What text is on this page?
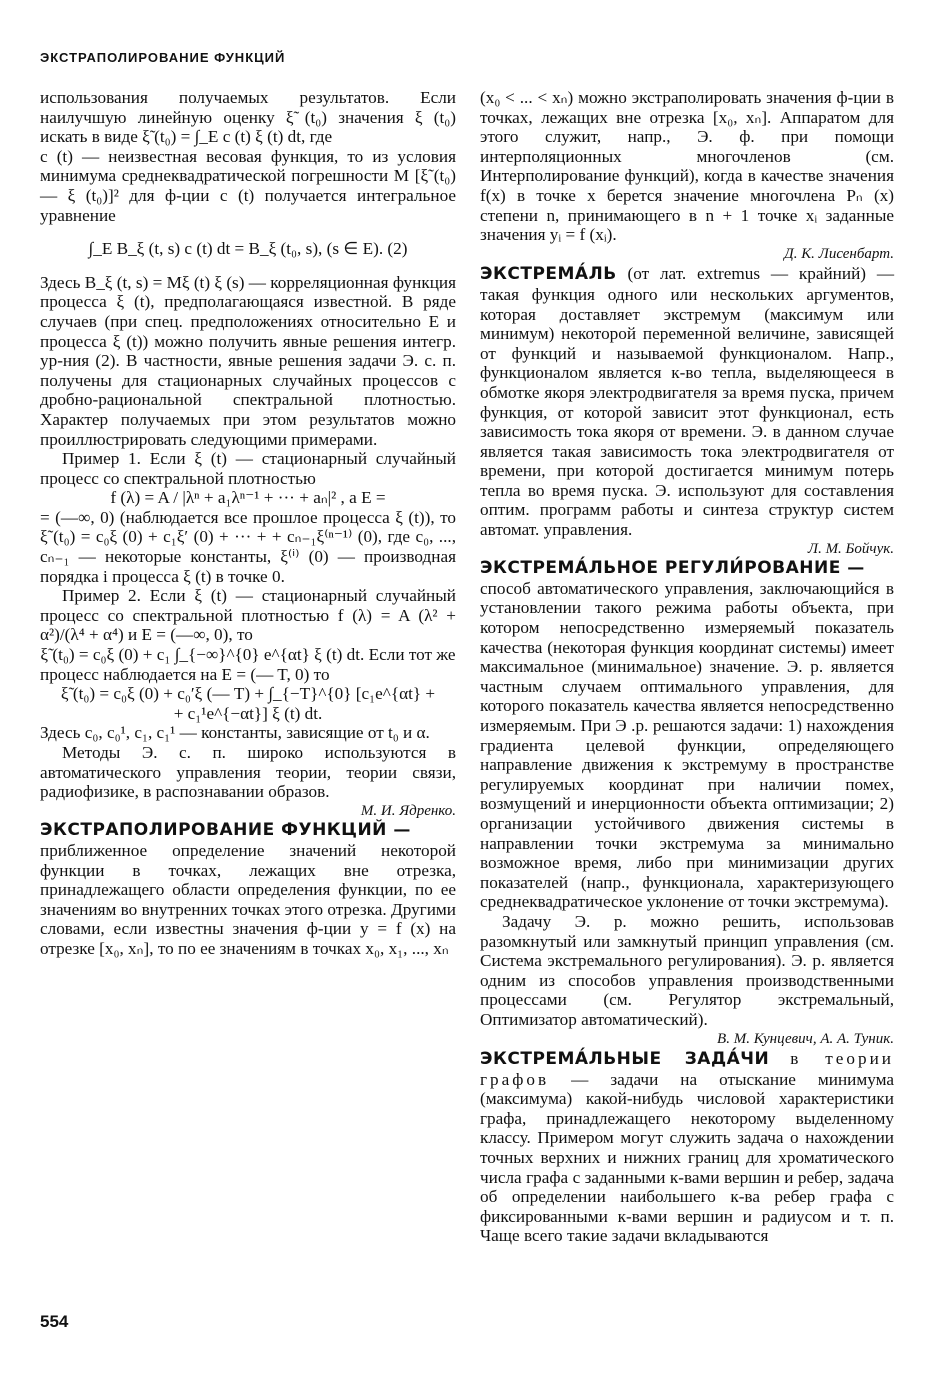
ЭКСТРАПОЛИРОВАНИЕ ФУНКЦИЙ

использования получаемых результатов. Если наилучшую линейную оценку ξ̃ (t₀) значения ξ (t₀) искать в виде ξ̃ (t₀) = ∫_E c (t) ξ (t) dt, где

c (t) — неизвестная весовая функция, то из условия минимума среднеквадратической погрешности M [ξ̃ (t₀) — ξ (t₀)]² для ф-ции c (t) получается интегральное уравнение

∫_E B_ξ (t, s) c (t) dt = B_ξ (t₀, s), (s ∈ E). (2)

Здесь B_ξ (t, s) = Mξ (t) ξ (s) — корреляционная функция процесса ξ (t), предполагающаяся известной. В ряде случаев (при спец. предположениях относительно E и процесса ξ (t)) можно получить явные решения интегр. ур-ния (2). В частности, явные решения задачи Э. с. п. получены для стационарных случайных процессов с дробно-рациональной спектральной плотностью. Характер получаемых при этом результатов можно проиллюстрировать следующими примерами.

Пример 1. Если ξ (t) — стационарный случайный процесс со спектральной плотностью

f (λ) = A / |λⁿ + a₁λⁿ⁻¹ + ··· + aₙ|² , а E =

= (—∞, 0) (наблюдается все прошлое процесса ξ (t)), то ξ̃ (t₀) = c₀ξ (0) + c₁ξ′ (0) + ··· + + cₙ₋₁ξ⁽ⁿ⁻¹⁾ (0), где c₀, ..., cₙ₋₁ — некоторые константы, ξ⁽ⁱ⁾ (0) — производная порядка i процесса ξ (t) в точке 0.

Пример 2. Если ξ (t) — стационарный случайный процесс со спектральной плотностью f (λ) = A (λ² + α²)/(λ⁴ + α⁴) и E = (—∞, 0), то

ξ̃ (t₀) = c₀ξ (0) + c₁ ∫_{−∞}^{0} e^{αt} ξ (t) dt. Если тот же

процесс наблюдается на E = (— T, 0) то

ξ̃ (t₀) = c₀ξ (0) + c₀′ξ (— T) + ∫_{−T}^{0} [c₁e^{αt} +

+ c₁¹e^{−αt}] ξ (t) dt.

Здесь c₀, c₀¹, c₁, c₁¹ — константы, зависящие от t₀ и α.

Методы Э. с. п. широко используются в автоматического управления теории, теории связи, радиофизике, в распознавании образов.

М. И. Ядренко.

ЭКСТРАПОЛИРОВАНИЕ ФУНКЦИЙ —

приближенное определение значений некоторой функции в точках, лежащих вне отрезка, принадлежащего области определения функции, по ее значениям во внутренних точках этого отрезка. Другими словами, если известны значения ф-ции y = f (x) на отрезке [x₀, xₙ], то по ее значениям в точках x₀, x₁, ..., xₙ

(x₀ < ... < xₙ) можно экстраполировать значения ф-ции в точках, лежащих вне отрезка [x₀, xₙ]. Аппаратом для этого служит, напр., Э. ф. при помощи интерполяционных многочленов (см. Интерполирование функций), когда в качестве значения f(x) в точке x берется значение многочлена Pₙ (x) степени n, принимающего в n + 1 точке xᵢ заданные значения yᵢ = f (xᵢ).

Д. К. Лисенбарт.

ЭКСТРЕМА́ЛЬ (от лат. extremus — крайний) — такая функция одного или нескольких аргументов, которая доставляет экстремум (максимум или минимум) некоторой переменной величине, зависящей от функций и называемой функционалом. Напр., функционалом является к-во тепла, выделяющееся в обмотке якоря электродвигателя за время пуска, причем функция, от которой зависит этот функционал, есть зависимость тока якоря от времени. Э. в данном случае является такая зависимость тока электродвигателя от времени, при которой достигается минимум потерь тепла во время пуска. Э. используют для составления оптим. программ работы и синтеза структур систем автомат. управления.

Л. М. Бойчук.

ЭКСТРЕМА́ЛЬНОЕ РЕГУЛИ́РОВАНИЕ —

способ автоматического управления, заключающийся в установлении такого режима работы объекта, при котором непосредственно измеряемый показатель качества (некоторая функция координат системы) имеет максимальное (минимальное) значение. Э. р. является частным случаем оптимального управления, для которого показатель качества является непосредственно измеряемым. При Э .р. решаются задачи: 1) нахождения градиента целевой функции, определяющего направление движения к экстремуму в пространстве регулируемых координат при наличии помех, возмущений и инерционности объекта оптимизации; 2) организации устойчивого движения системы в направлении точки экстремума за минимально возможное время, либо при минимизации других показателей (напр., функционала, характеризующего среднеквадратическое уклонение от точки экстремума).

Задачу Э. р. можно решить, использовав разомкнутый или замкнутый принцип управления (см. Система экстремального регулирования). Э. р. является одним из способов управления производственными процессами (см. Регулятор экстремальный, Оптимизатор автоматический).

В. М. Кунцевич, А. А. Туник.

ЭКСТРЕМА́ЛЬНЫЕ ЗАДА́ЧИ в теории графов — задачи на отыскание минимума (максимума) какой-нибудь числовой характеристики графа, принадлежащего некоторому выделенному классу. Примером могут служить задача о нахождении точных верхних и нижних границ для хроматического числа графа с заданными к-вами вершин и ребер, задача об определении наибольшего к-ва ребер графа с фиксированными к-вами вершин и радиусом и т. п. Чаще всего такие задачи вкладываются

554
